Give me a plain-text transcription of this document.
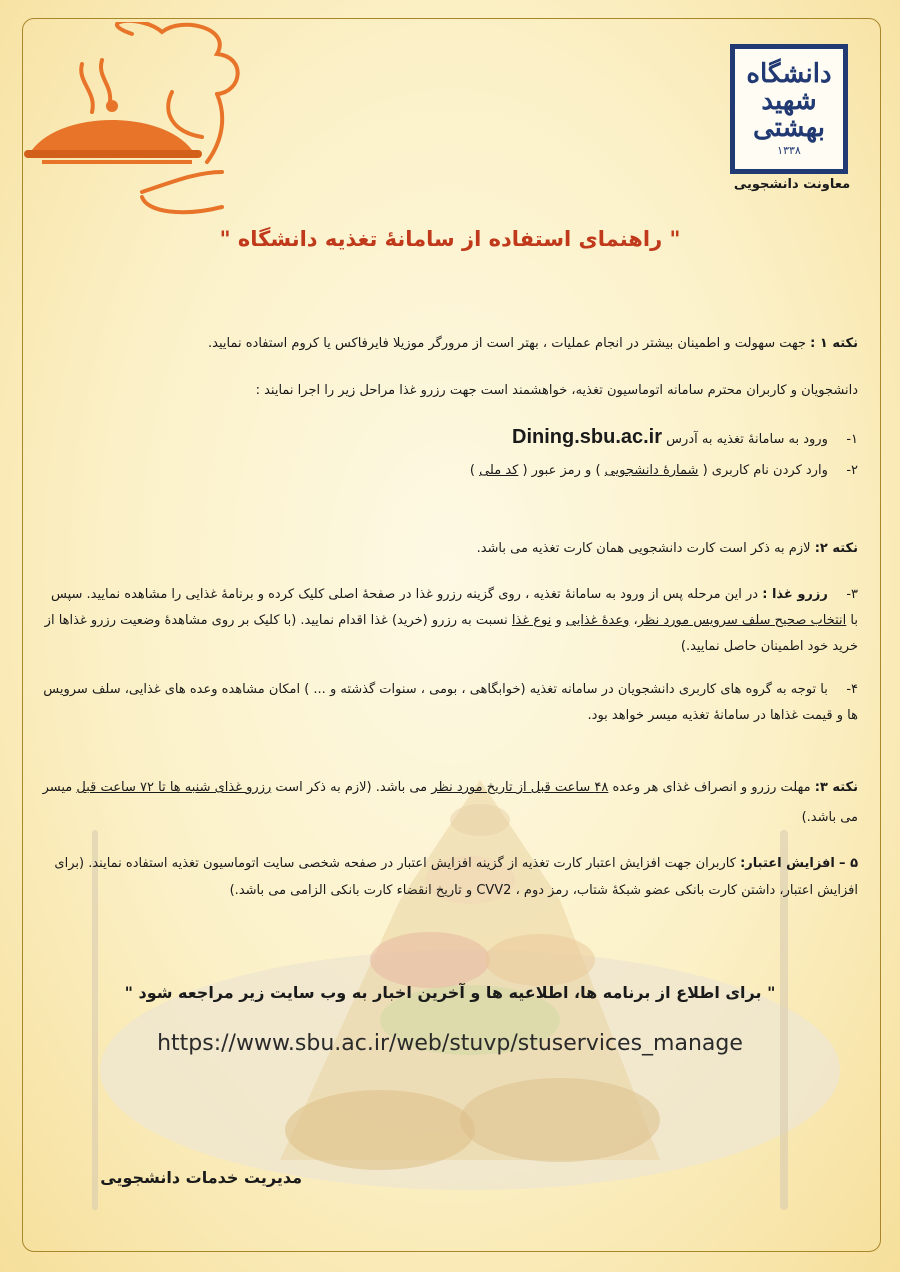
دانشگاه
شهید
بهشتی
۱۳۳۸
معاونت دانشجویی
" راهنمای استفاده از سامانۀ تغذیه دانشگاه "
نکته ۱ : جهت سهولت و اطمینان بیشتر در انجام عملیات ، بهتر است از مرورگر موزیلا فایرفاکس یا کروم استفاده نمایید.
دانشجویان و کاربران محترم سامانه اتوماسیون تغذیه، خواهشمند است جهت رزرو غذا مراحل زیر را اجرا نمایند :
۱- ورود به سامانۀ تغذیه به آدرس Dining.sbu.ac.ir
۲- وارد کردن نام کاربری ( شمارۀ دانشجویی ) و رمز عبور ( کد ملی )
نکته ۲: لازم به ذکر است کارت دانشجویی همان کارت تغذیه می باشد.
۳- رزرو غذا : در این مرحله پس از ورود به سامانۀ تغذیه ، روی گزینه رزرو غذا در صفحۀ اصلی کلیک کرده و برنامۀ غذایی را مشاهده نمایید. سپس با انتخاب صحیح سلف سرویس مورد نظر، وعدۀ غذایی و نوع غذا نسبت به رزرو (خرید) غذا اقدام نمایید. (با کلیک بر روی مشاهدۀ وضعیت رزرو غذاها از خرید خود اطمینان حاصل نمایید.)
۴- با توجه به گروه های کاربری دانشجویان در سامانه تغذیه (خوابگاهی ، بومی ، سنوات گذشته و ... ) امکان مشاهده وعده های غذایی، سلف سرویس ها و قیمت غذاها در سامانۀ تغذیه میسر خواهد بود.
نکته ۳: مهلت رزرو و انصراف غذای هر وعده ۴۸ ساعت قبل از تاریخ مورد نظر می باشد. (لازم به ذکر است رزرو غذای شنبه ها تا ۷۲ ساعت قبل میسر می باشد.)
۵ – افزایش اعتبار: کاربران جهت افزایش اعتبار کارت تغذیه از گزینه افزایش اعتبار در صفحه شخصی سایت اتوماسیون تغذیه استفاده نمایند. (برای افزایش اعتبار، داشتن کارت بانکی عضو شبکۀ شتاب، رمز دوم ، CVV2 و تاریخ انقضاء کارت بانکی الزامی می باشد.)
" برای اطلاع از برنامه ها، اطلاعیه ها و آخرین اخبار به وب سایت زیر مراجعه شود "
https://www.sbu.ac.ir/web/stuvp/stuservices_manage
مدیریت خدمات دانشجویی
